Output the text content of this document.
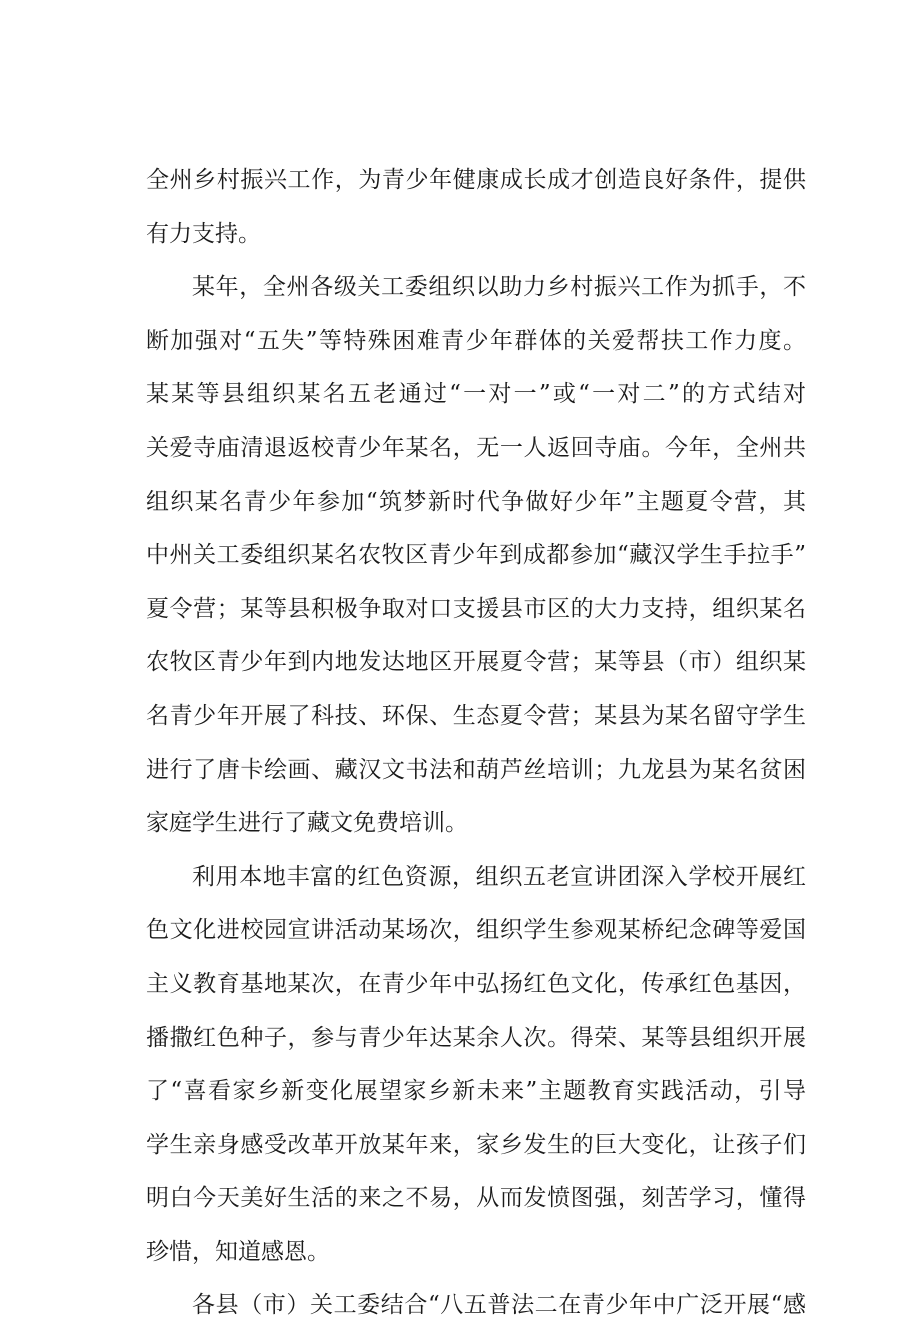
全州乡村振兴工作，为青少年健康成长成才创造良好条件，提供
有力支持。
某年，全州各级关工委组织以助力乡村振兴工作为抓手，不
断加强对“五失”等特殊困难青少年群体的关爱帮扶工作力度。
某某等县组织某名五老通过“一对一”或“一对二”的方式结对
关爱寺庙清退返校青少年某名，无一人返回寺庙。今年，全州共
组织某名青少年参加“筑梦新时代争做好少年”主题夏令营，其
中州关工委组织某名农牧区青少年到成都参加“藏汉学生手拉手”
夏令营；某等县积极争取对口支援县市区的大力支持，组织某名
农牧区青少年到内地发达地区开展夏令营；某等县（市）组织某
名青少年开展了科技、环保、生态夏令营；某县为某名留守学生
进行了唐卡绘画、藏汉文书法和葫芦丝培训；九龙县为某名贫困
家庭学生进行了藏文免费培训。
利用本地丰富的红色资源，组织五老宣讲团深入学校开展红
色文化进校园宣讲活动某场次，组织学生参观某桥纪念碑等爱国
主义教育基地某次，在青少年中弘扬红色文化，传承红色基因，
播撒红色种子，参与青少年达某余人次。得荣、某等县组织开展
了“喜看家乡新变化展望家乡新未来”主题教育实践活动，引导
学生亲身感受改革开放某年来，家乡发生的巨大变化，让孩子们
明白今天美好生活的来之不易，从而发愤图强，刻苦学习，懂得
珍惜，知道感恩。
各县（市）关工委结合“八五普法二在青少年中广泛开展“感
